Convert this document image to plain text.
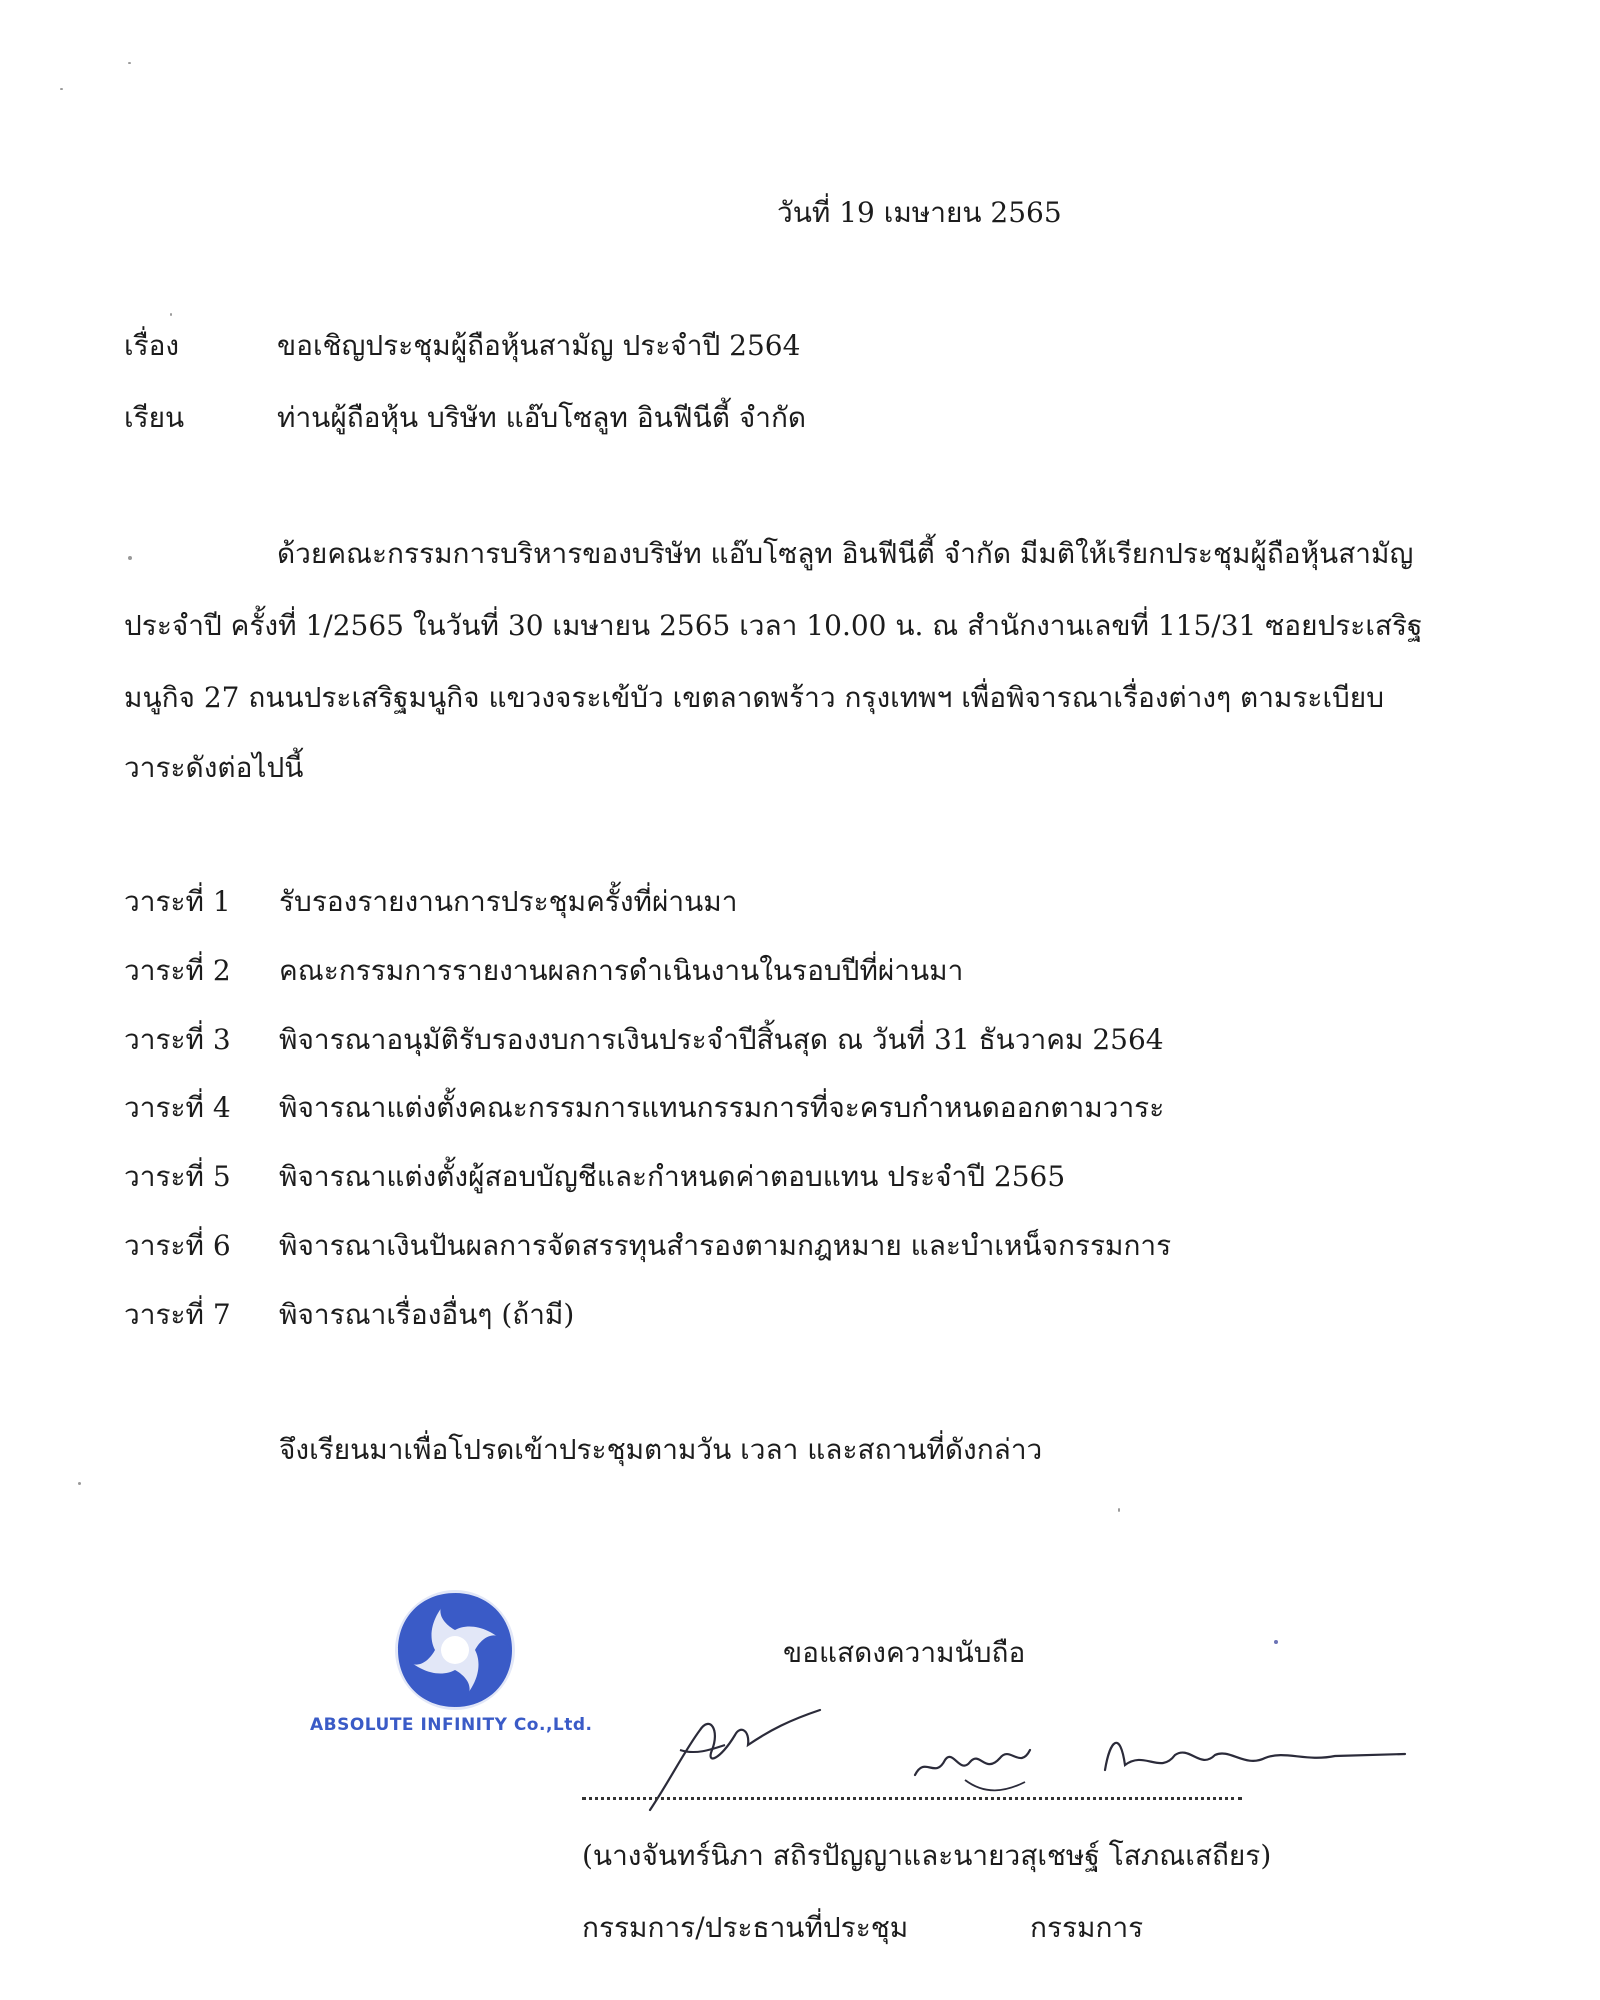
วันที่ 19 เมษายน 2565
เรื่อง	ขอเชิญประชุมผู้ถือหุ้นสามัญ ประจำปี 2564
เรียน	ท่านผู้ถือหุ้น บริษัท แอ๊บโซลูท อินฟีนีตี้ จำกัด
ด้วยคณะกรรมการบริหารของบริษัท แอ๊บโซลูท อินฟีนีตี้ จำกัด มีมติให้เรียกประชุมผู้ถือหุ้นสามัญ
ประจำปี ครั้งที่ 1/2565 ในวันที่ 30 เมษายน 2565 เวลา 10.00 น. ณ สำนักงานเลขที่ 115/31 ซอยประเสริฐ
มนูกิจ 27 ถนนประเสริฐมนูกิจ แขวงจระเข้บัว เขตลาดพร้าว กรุงเทพฯ เพื่อพิจารณาเรื่องต่างๆ ตามระเบียบ
วาระดังต่อไปนี้
วาระที่ 1 รับรองรายงานการประชุมครั้งที่ผ่านมา
วาระที่ 2 คณะกรรมการรายงานผลการดำเนินงานในรอบปีที่ผ่านมา
วาระที่ 3 พิจารณาอนุมัติรับรองงบการเงินประจำปีสิ้นสุด ณ วันที่ 31 ธันวาคม 2564
วาระที่ 4 พิจารณาแต่งตั้งคณะกรรมการแทนกรรมการที่จะครบกำหนดออกตามวาระ
วาระที่ 5 พิจารณาแต่งตั้งผู้สอบบัญชีและกำหนดค่าตอบแทน ประจำปี 2565
วาระที่ 6 พิจารณาเงินปันผลการจัดสรรทุนสำรองตามกฎหมาย และบำเหน็จกรรมการ
วาระที่ 7 พิจารณาเรื่องอื่นๆ (ถ้ามี)
จึงเรียนมาเพื่อโปรดเข้าประชุมตามวัน เวลา และสถานที่ดังกล่าว
ABSOLUTE INFINITY Co.,Ltd.
ขอแสดงความนับถือ
(นางจันทร์นิภา สถิรปัญญาและนายวสุเชษฐ์ โสภณเสถียร)
กรรมการ/ประธานที่ประชุม	กรรมการ
